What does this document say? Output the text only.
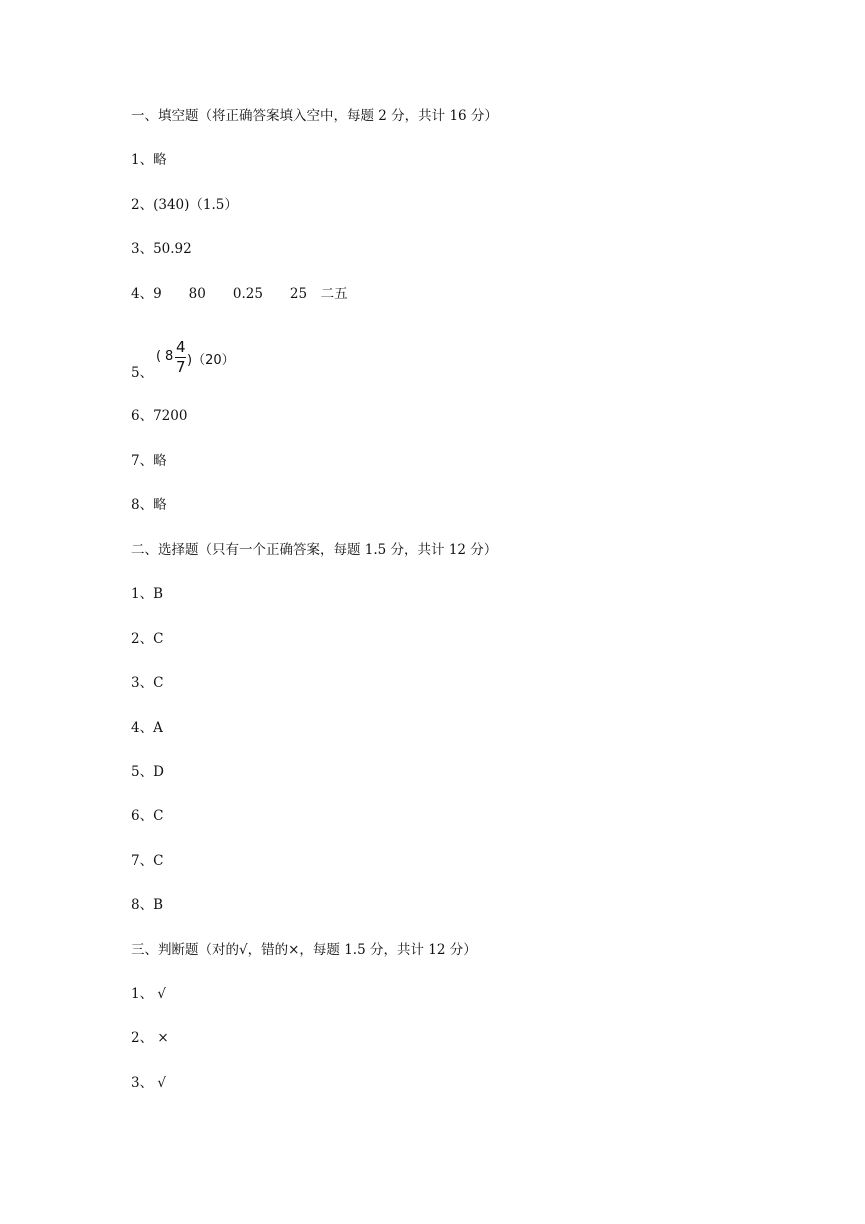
一、填空题（将正确答案填入空中，每题 2 分，共计 16 分）
1、略
2、(340)（1.5）
3、50.92
4、9　　80　　0.25　　25　二五
5、
( 8
4
7 )（20）
6、7200
7、略
8、略
二、选择题（只有一个正确答案，每题 1.5 分，共计 12 分）
1、B
2、C
3、C
4、A
5、D
6、C
7、C
8、B
三、判断题（对的√，错的×，每题 1.5 分，共计 12 分）
1、 √
2、 ×
3、 √
